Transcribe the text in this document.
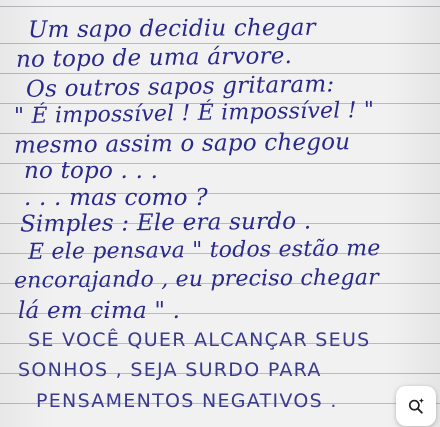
Um sapo decidiu chegar
no topo de uma árvore.
Os outros sapos gritaram:
" É impossível ! É impossível ! "
mesmo assim o sapo chegou
no topo . . .
. . . mas como ?
Simples : Ele era surdo .
E ele pensava " todos estão me
encorajando , eu preciso chegar
lá em cima " .
SE VOCÊ QUER ALCANÇAR SEUS
SONHOS , SEJA SURDO PARA
PENSAMENTOS NEGATIVOS .
